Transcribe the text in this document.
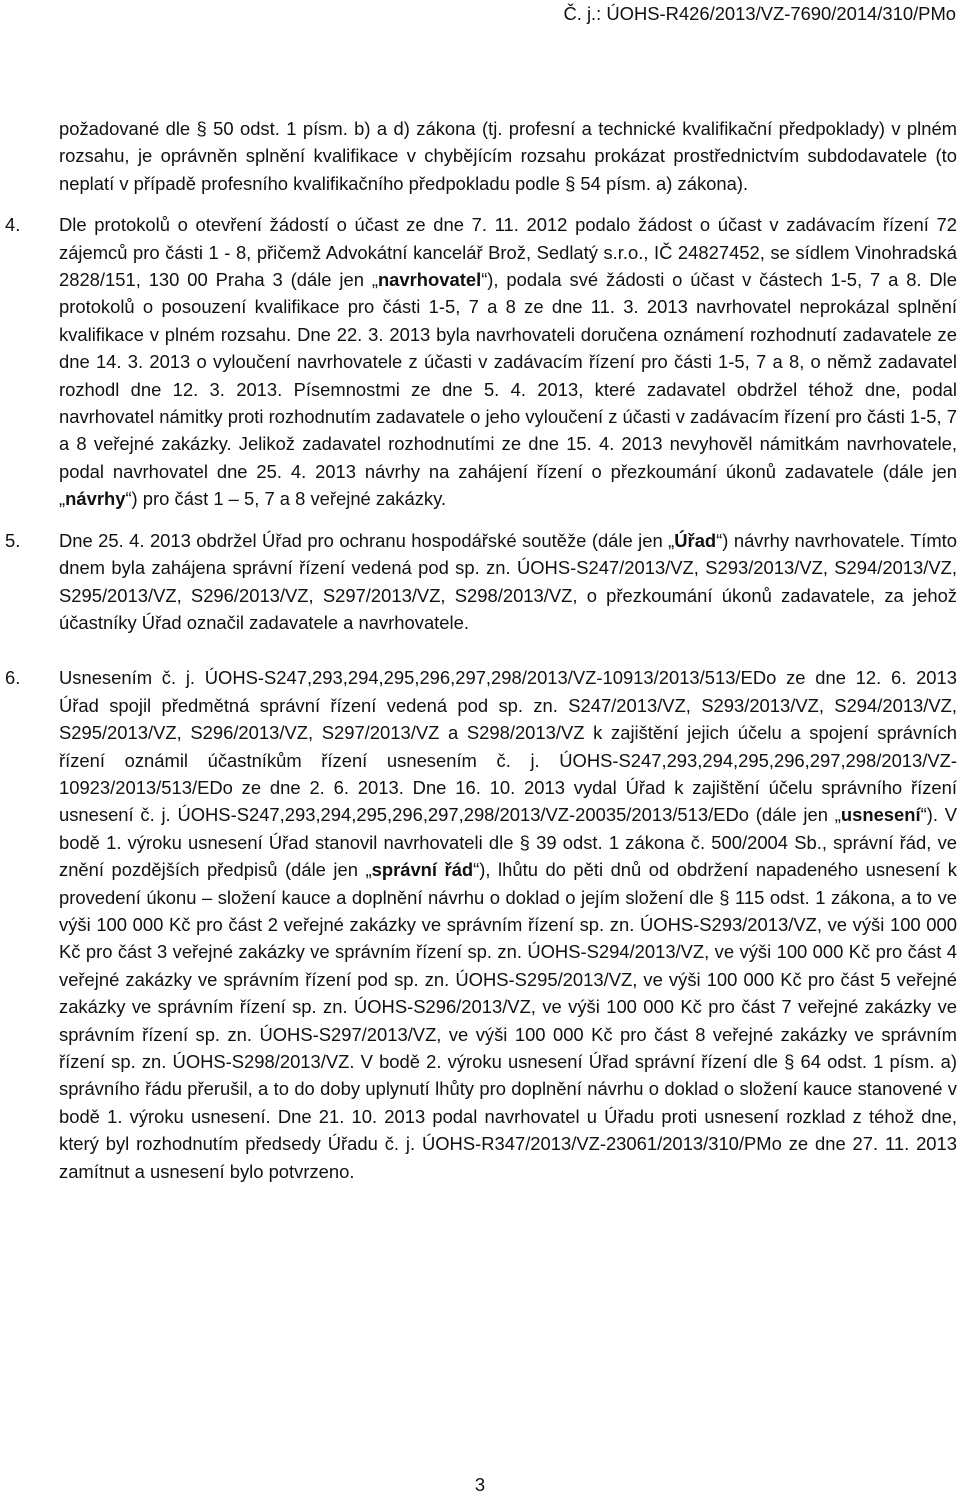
Č. j.: ÚOHS-R426/2013/VZ-7690/2014/310/PMo

požadované dle § 50 odst. 1 písm. b) a d) zákona (tj. profesní a technické kvalifikační předpoklady) v plném rozsahu, je oprávněn splnění kvalifikace v chybějícím rozsahu prokázat prostřednictvím subdodavatele (to neplatí v případě profesního kvalifikačního předpokladu podle § 54 písm. a) zákona).

4. Dle protokolů o otevření žádostí o účast ze dne 7. 11. 2012 podalo žádost o účast v zadávacím řízení 72 zájemců pro části 1 - 8, přičemž Advokátní kancelář Brož, Sedlatý s.r.o., IČ 24827452, se sídlem Vinohradská 2828/151, 130 00 Praha 3 (dále jen „navrhovatel“), podala své žádosti o účast v částech 1-5, 7 a 8. Dle protokolů o posouzení kvalifikace pro části 1-5, 7 a 8 ze dne 11. 3. 2013 navrhovatel neprokázal splnění kvalifikace v plném rozsahu. Dne 22. 3. 2013 byla navrhovateli doručena oznámení rozhodnutí zadavatele ze dne 14. 3. 2013 o vyloučení navrhovatele z účasti v zadávacím řízení pro části 1-5, 7 a 8, o němž zadavatel rozhodl dne 12. 3. 2013. Písemnostmi ze dne 5. 4. 2013, které zadavatel obdržel téhož dne, podal navrhovatel námitky proti rozhodnutím zadavatele o jeho vyloučení z účasti v zadávacím řízení pro části 1-5, 7 a 8 veřejné zakázky. Jelikož zadavatel rozhodnutími ze dne 15. 4. 2013 nevyhověl námitkám navrhovatele, podal navrhovatel dne 25. 4. 2013 návrhy na zahájení řízení o přezkoumání úkonů zadavatele (dále jen „návrhy“) pro část 1 – 5, 7 a 8 veřejné zakázky.

5. Dne 25. 4. 2013 obdržel Úřad pro ochranu hospodářské soutěže (dále jen „Úřad“) návrhy navrhovatele. Tímto dnem byla zahájena správní řízení vedená pod sp. zn. ÚOHS-S247/2013/VZ, S293/2013/VZ, S294/2013/VZ, S295/2013/VZ, S296/2013/VZ, S297/2013/VZ, S298/2013/VZ, o přezkoumání úkonů zadavatele, za jehož účastníky Úřad označil zadavatele a navrhovatele.

6. Usnesením č. j. ÚOHS-S247,293,294,295,296,297,298/2013/VZ-10913/2013/513/EDo ze dne 12. 6. 2013 Úřad spojil předmětná správní řízení vedená pod sp. zn. S247/2013/VZ, S293/2013/VZ, S294/2013/VZ, S295/2013/VZ, S296/2013/VZ, S297/2013/VZ a S298/2013/VZ k zajištění jejich účelu a spojení správních řízení oznámil účastníkům řízení usnesením č. j. ÚOHS-S247,293,294,295,296,297,298/2013/VZ-10923/2013/513/EDo ze dne 2. 6. 2013. Dne 16. 10. 2013 vydal Úřad k zajištění účelu správního řízení usnesení č. j. ÚOHS-S247,293,294,295,296,297,298/2013/VZ-20035/2013/513/EDo (dále jen „usnesení“). V bodě 1. výroku usnesení Úřad stanovil navrhovateli dle § 39 odst. 1 zákona č. 500/2004 Sb., správní řád, ve znění pozdějších předpisů (dále jen „správní řád“), lhůtu do pěti dnů od obdržení napadeného usnesení k provedení úkonu – složení kauce a doplnění návrhu o doklad o jejím složení dle § 115 odst. 1 zákona, a to ve výši 100 000 Kč pro část 2 veřejné zakázky ve správním řízení sp. zn. ÚOHS-S293/2013/VZ, ve výši 100 000 Kč pro část 3 veřejné zakázky ve správním řízení sp. zn. ÚOHS-S294/2013/VZ, ve výši 100 000 Kč pro část 4 veřejné zakázky ve správním řízení pod sp. zn. ÚOHS-S295/2013/VZ, ve výši 100 000 Kč pro část 5 veřejné zakázky ve správním řízení sp. zn. ÚOHS-S296/2013/VZ, ve výši 100 000 Kč pro část 7 veřejné zakázky ve správním řízení sp. zn. ÚOHS-S297/2013/VZ, ve výši 100 000 Kč pro část 8 veřejné zakázky ve správním řízení sp. zn. ÚOHS-S298/2013/VZ. V bodě 2. výroku usnesení Úřad správní řízení dle § 64 odst. 1 písm. a) správního řádu přerušil, a to do doby uplynutí lhůty pro doplnění návrhu o doklad o složení kauce stanovené v bodě 1. výroku usnesení. Dne 21. 10. 2013 podal navrhovatel u Úřadu proti usnesení rozklad z téhož dne, který byl rozhodnutím předsedy Úřadu č. j. ÚOHS-R347/2013/VZ-23061/2013/310/PMo ze dne 27. 11. 2013 zamítnut a usnesení bylo potvrzeno.

3
